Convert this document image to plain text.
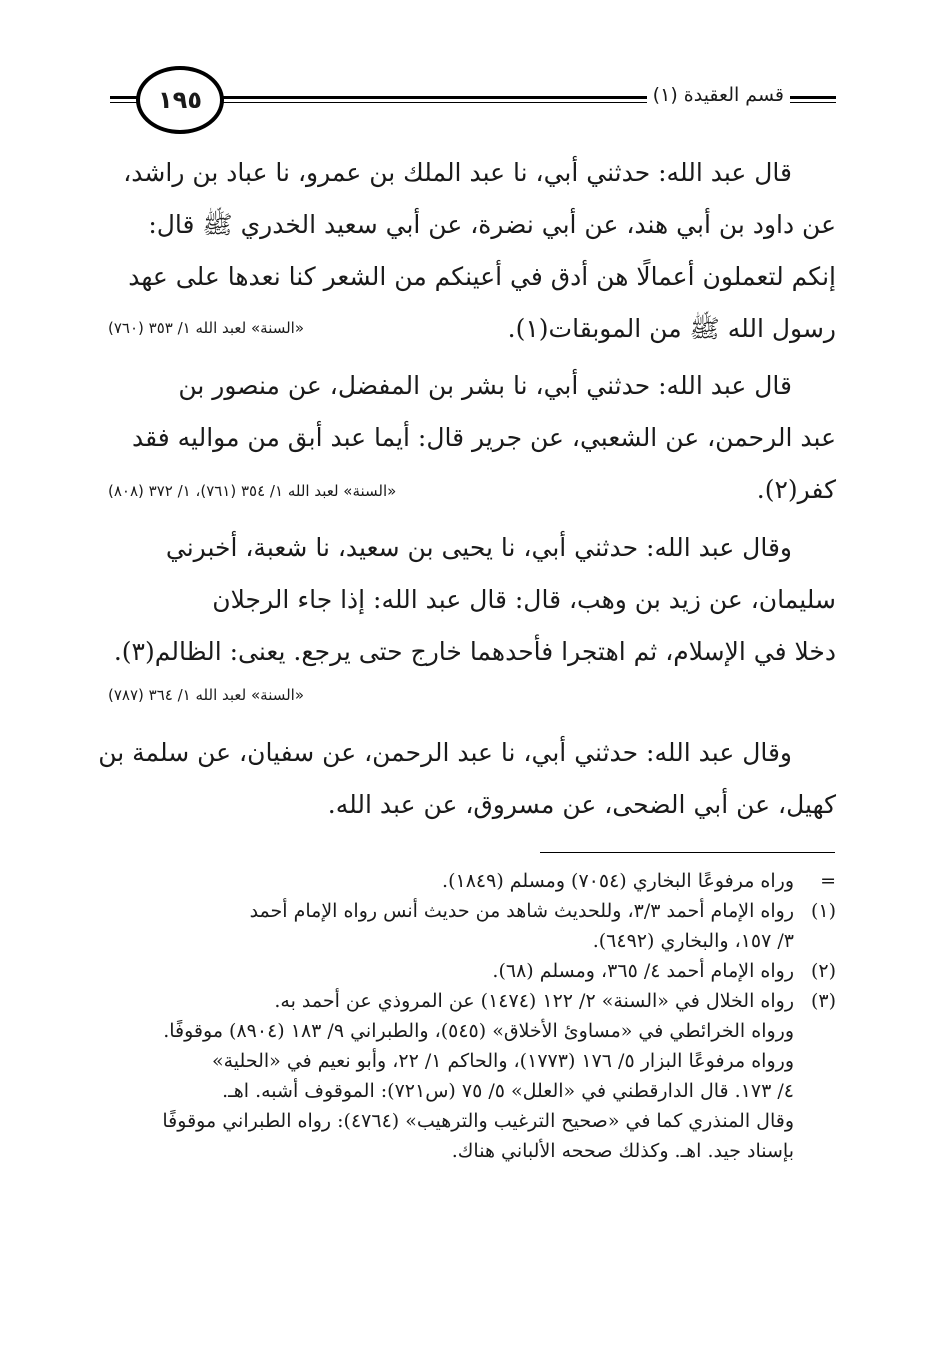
١٩٥	قسم العقيدة (١)
قال عبد الله: حدثني أبي، نا عبد الملك بن عمرو، نا عباد بن راشد،
عن داود بن أبي هند، عن أبي نضرة، عن أبي سعيد الخدري ﷺ قال:
إنكم لتعملون أعمالًا هن أدق في أعينكم من الشعر كنا نعدها على عهد
رسول الله ﷺ من الموبقات(١).
«السنة» لعبد الله ١/ ٣٥٣ (٧٦٠)
قال عبد الله: حدثني أبي، نا بشر بن المفضل، عن منصور بن
عبد الرحمن، عن الشعبي، عن جرير قال: أيما عبد أبق من مواليه فقد
كفر(٢).
«السنة» لعبد الله ١/ ٣٥٤ (٧٦١)، ١/ ٣٧٢ (٨٠٨)
وقال عبد الله: حدثني أبي، نا يحيى بن سعيد، نا شعبة، أخبرني
سليمان، عن زيد بن وهب، قال: قال عبد الله: إذا جاء الرجلان
دخلا في الإسلام، ثم اهتجرا فأحدهما خارج حتى يرجع. يعنى: الظالم(٣).
«السنة» لعبد الله ١/ ٣٦٤ (٧٨٧)
وقال عبد الله: حدثني أبي، نا عبد الرحمن، عن سفيان، عن سلمة بن
كهيل، عن أبي الضحى، عن مسروق، عن عبد الله.
=وراه مرفوعًا البخاري (٧٠٥٤) ومسلم (١٨٤٩).
(١)رواه الإمام أحمد ٣/٣، وللحديث شاهد من حديث أنس رواه الإمام أحمد
٣/ ١٥٧، والبخاري (٦٤٩٢).
(٢)رواه الإمام أحمد ٤/ ٣٦٥، ومسلم (٦٨).
(٣)رواه الخلال في «السنة» ٢/ ١٢٢ (١٤٧٤) عن المروذي عن أحمد به.
ورواه الخرائطي في «مساوئ الأخلاق» (٥٤٥)، والطبراني ٩/ ١٨٣ (٨٩٠٤) موقوفًا.
ورواه مرفوعًا البزار ٥/ ١٧٦ (١٧٧٣)، والحاكم ١/ ٢٢، وأبو نعيم في «الحلية»
٤/ ١٧٣. قال الدارقطني في «العلل» ٥/ ٧٥ (س٧٢١): الموقوف أشبه. اهـ.
وقال المنذري كما في «صحيح الترغيب والترهيب» (٤٧٦٤): رواه الطبراني موقوفًا
بإسناد جيد. اهـ. وكذلك صححه الألباني هناك.
